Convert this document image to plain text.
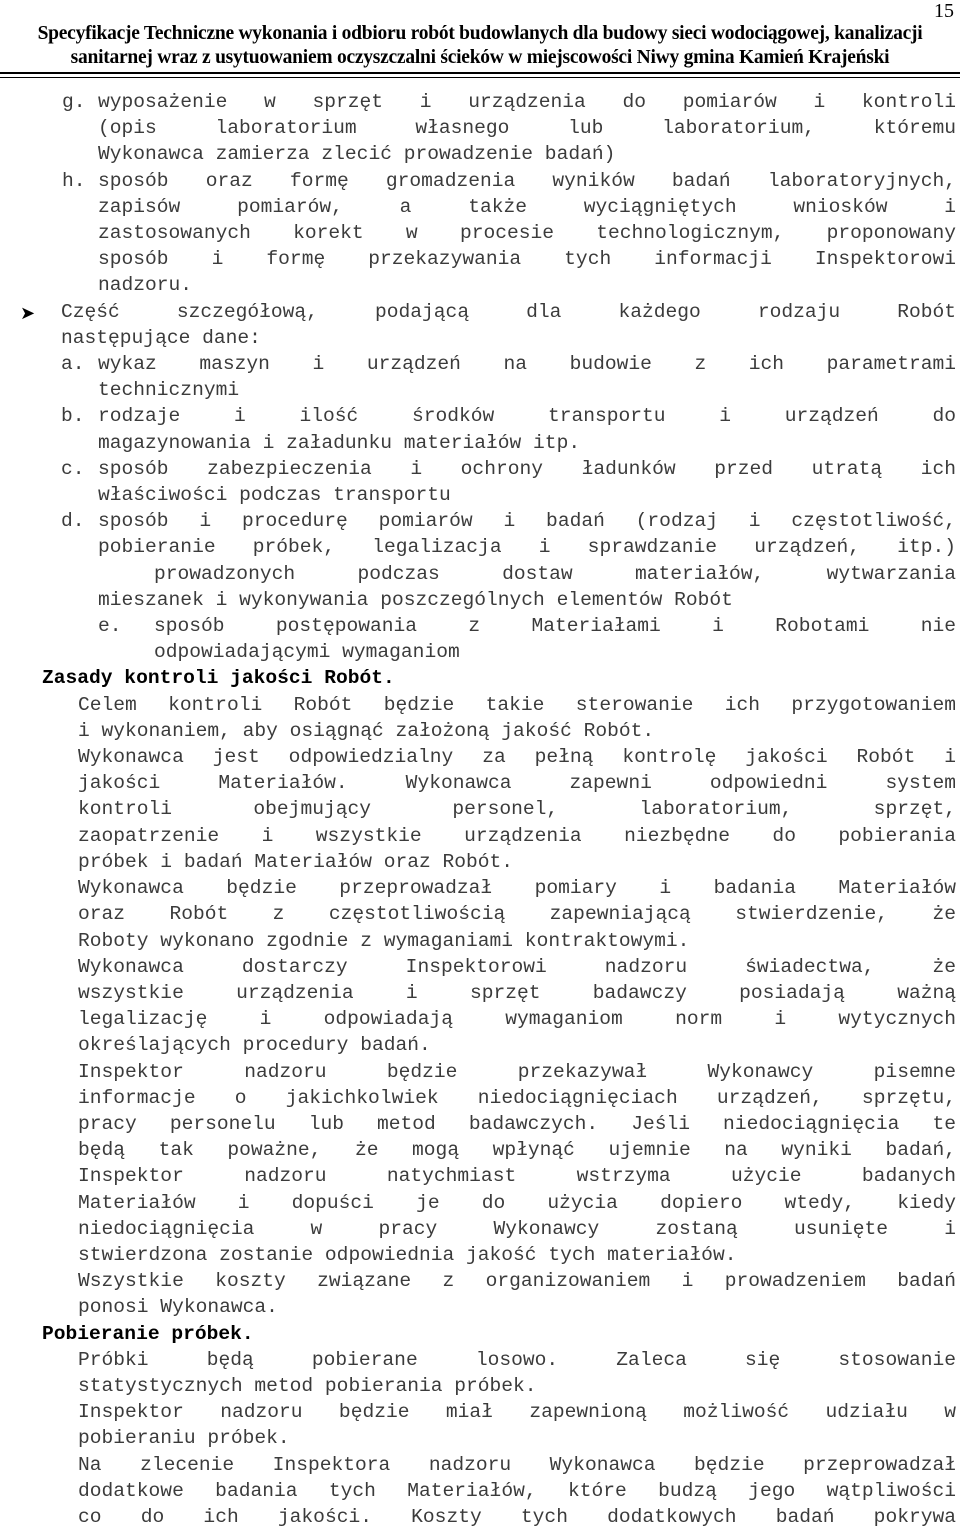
15
Specyfikacje Techniczne wykonania i odbioru robót budowlanych dla budowy sieci wodociągowej, kanalizacji
sanitarnej wraz z usytuowaniem oczyszczalni ścieków w miejscowości Niwy gmina Kamień Krajeński
g. wyposażenie w sprzęt i urządzenia do pomiarów i kontroli
(opis laboratorium własnego lub laboratorium, któremu
Wykonawca zamierza zlecić prowadzenie badań)
h. sposób oraz formę gromadzenia wyników badań laboratoryjnych,
zapisów pomiarów, a także wyciągniętych wniosków i
zastosowanych korekt w procesie technologicznym, proponowany
sposób i formę przekazywania tych informacji Inspektorowi
nadzoru.
➤ Część szczegółową, podającą dla każdego rodzaju Robót
następujące dane:
a. wykaz maszyn i urządzeń na budowie z ich parametrami
technicznymi
b. rodzaje i ilość środków transportu i urządzeń do
magazynowania i załadunku materiałów itp.
c. sposób zabezpieczenia i ochrony ładunków przed utratą ich
właściwości podczas transportu
d. sposób i procedurę pomiarów i badań (rodzaj i częstotliwość,
pobieranie próbek, legalizacja i sprawdzanie urządzeń, itp.)
prowadzonych podczas dostaw materiałów, wytwarzania
mieszanek i wykonywania poszczególnych elementów Robót
e. sposób postępowania z Materiałami i Robotami nie
odpowiadającymi wymaganiom
Zasady kontroli jakości Robót.
Celem kontroli Robót będzie takie sterowanie ich przygotowaniem
i wykonaniem, aby osiągnąć założoną jakość Robót.
Wykonawca jest odpowiedzialny za pełną kontrolę jakości Robót i
jakości Materiałów. Wykonawca zapewni odpowiedni system
kontroli obejmujący personel, laboratorium, sprzęt,
zaopatrzenie i wszystkie urządzenia niezbędne do pobierania
próbek i badań Materiałów oraz Robót.
Wykonawca będzie przeprowadzał pomiary i badania Materiałów
oraz Robót z częstotliwością zapewniającą stwierdzenie, że
Roboty wykonano zgodnie z wymaganiami kontraktowymi.
Wykonawca dostarczy Inspektorowi nadzoru świadectwa, że
wszystkie urządzenia i sprzęt badawczy posiadają ważną
legalizację i odpowiadają wymaganiom norm i wytycznych
określających procedury badań.
Inspektor nadzoru będzie przekazywał Wykonawcy pisemne
informacje o jakichkolwiek niedociągnięciach urządzeń, sprzętu,
pracy personelu lub metod badawczych. Jeśli niedociągnięcia te
będą tak poważne, że mogą wpłynąć ujemnie na wyniki badań,
Inspektor nadzoru natychmiast wstrzyma użycie badanych
Materiałów i dopuści je do użycia dopiero wtedy, kiedy
niedociągnięcia w pracy Wykonawcy zostaną usunięte i
stwierdzona zostanie odpowiednia jakość tych materiałów.
Wszystkie koszty związane z organizowaniem i prowadzeniem badań
ponosi Wykonawca.
Pobieranie próbek.
Próbki będą pobierane losowo. Zaleca się stosowanie
statystycznych metod pobierania próbek.
Inspektor nadzoru będzie miał zapewnioną możliwość udziału w
pobieraniu próbek.
Na zlecenie Inspektora nadzoru Wykonawca będzie przeprowadzał
dodatkowe badania tych Materiałów, które budzą jego wątpliwości
co do ich jakości. Koszty tych dodatkowych badań pokrywa
